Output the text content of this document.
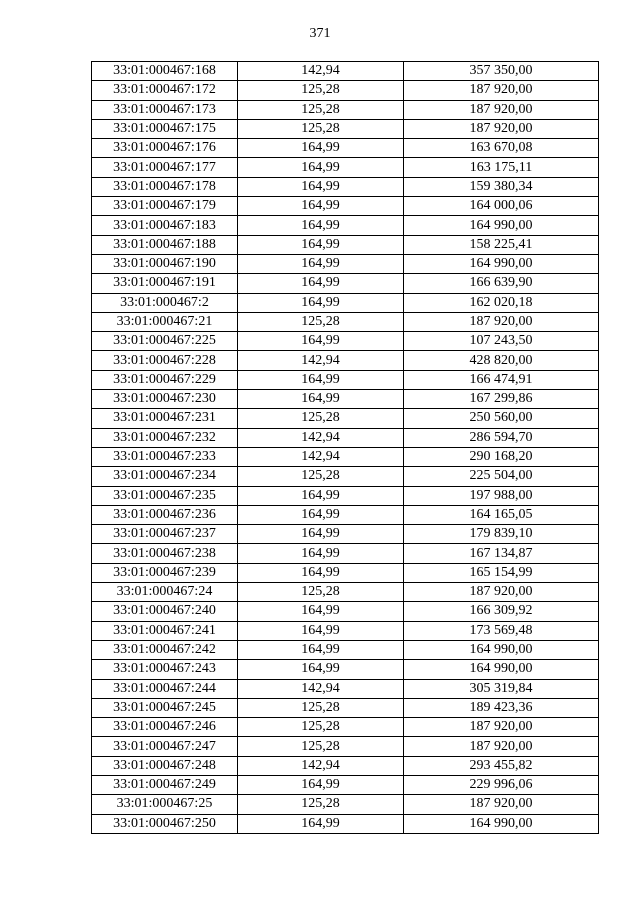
371
33:01:000467:168	142,94	357 350,00
33:01:000467:172	125,28	187 920,00
33:01:000467:173	125,28	187 920,00
33:01:000467:175	125,28	187 920,00
33:01:000467:176	164,99	163 670,08
33:01:000467:177	164,99	163 175,11
33:01:000467:178	164,99	159 380,34
33:01:000467:179	164,99	164 000,06
33:01:000467:183	164,99	164 990,00
33:01:000467:188	164,99	158 225,41
33:01:000467:190	164,99	164 990,00
33:01:000467:191	164,99	166 639,90
33:01:000467:2	164,99	162 020,18
33:01:000467:21	125,28	187 920,00
33:01:000467:225	164,99	107 243,50
33:01:000467:228	142,94	428 820,00
33:01:000467:229	164,99	166 474,91
33:01:000467:230	164,99	167 299,86
33:01:000467:231	125,28	250 560,00
33:01:000467:232	142,94	286 594,70
33:01:000467:233	142,94	290 168,20
33:01:000467:234	125,28	225 504,00
33:01:000467:235	164,99	197 988,00
33:01:000467:236	164,99	164 165,05
33:01:000467:237	164,99	179 839,10
33:01:000467:238	164,99	167 134,87
33:01:000467:239	164,99	165 154,99
33:01:000467:24	125,28	187 920,00
33:01:000467:240	164,99	166 309,92
33:01:000467:241	164,99	173 569,48
33:01:000467:242	164,99	164 990,00
33:01:000467:243	164,99	164 990,00
33:01:000467:244	142,94	305 319,84
33:01:000467:245	125,28	189 423,36
33:01:000467:246	125,28	187 920,00
33:01:000467:247	125,28	187 920,00
33:01:000467:248	142,94	293 455,82
33:01:000467:249	164,99	229 996,06
33:01:000467:25	125,28	187 920,00
33:01:000467:250	164,99	164 990,00
